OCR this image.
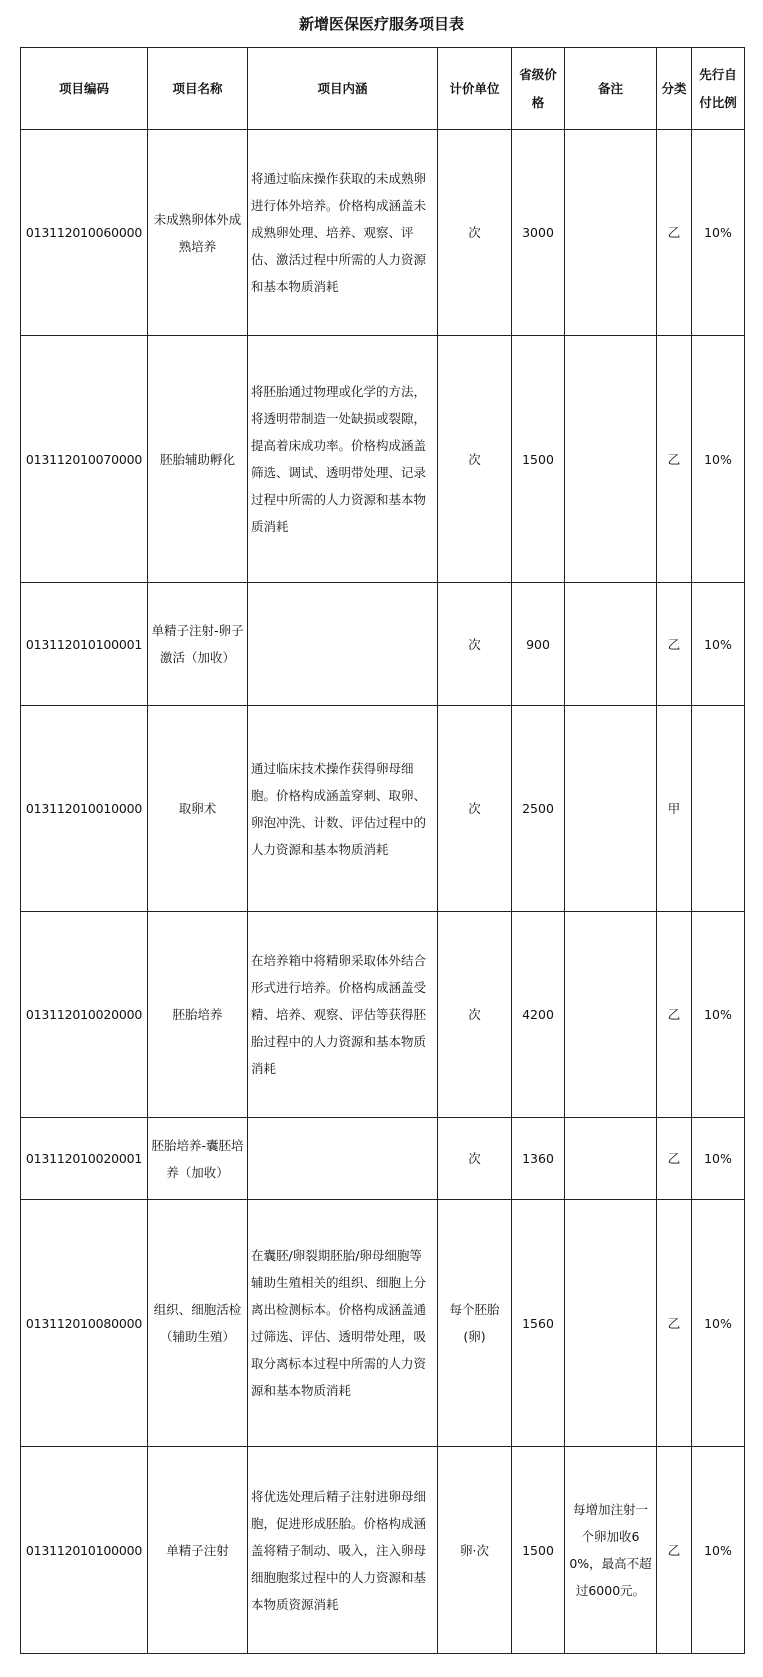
新增医保医疗服务项目表
项目编码	项目名称	项目内涵	计价单位	省级价格	备注	分类	先行自付比例
013112010060000	未成熟卵体外成熟培养	将通过临床操作获取的未成熟卵进行体外培养。价格构成涵盖未成熟卵处理、培养、观察、评估、激活过程中所需的人力资源和基本物质消耗	次	3000		乙	10%
013112010070000	胚胎辅助孵化	将胚胎通过物理或化学的方法，将透明带制造一处缺损或裂隙，提高着床成功率。价格构成涵盖筛选、调试、透明带处理、记录过程中所需的人力资源和基本物质消耗	次	1500		乙	10%
013112010100001	单精子注射-卵子激活（加收）		次	900		乙	10%
013112010010000	取卵术	通过临床技术操作获得卵母细胞。价格构成涵盖穿刺、取卵、卵泡冲洗、计数、评估过程中的人力资源和基本物质消耗	次	2500		甲	
013112010020000	胚胎培养	在培养箱中将精卵采取体外结合形式进行培养。价格构成涵盖受精、培养、观察、评估等获得胚胎过程中的人力资源和基本物质消耗	次	4200		乙	10%
013112010020001	胚胎培养-囊胚培养（加收）		次	1360		乙	10%
013112010080000	组织、细胞活检（辅助生殖）	在囊胚/卵裂期胚胎/卵母细胞等辅助生殖相关的组织、细胞上分离出检测标本。价格构成涵盖通过筛选、评估、透明带处理，吸取分离标本过程中所需的人力资源和基本物质消耗	每个胚胎(卵)	1560		乙	10%
013112010100000	单精子注射	将优选处理后精子注射进卵母细胞，促进形成胚胎。价格构成涵盖将精子制动、吸入，注入卵母细胞胞浆过程中的人力资源和基本物质资源消耗	卵·次	1500	每增加注射一个卵加收60%，最高不超过6000元。	乙	10%
